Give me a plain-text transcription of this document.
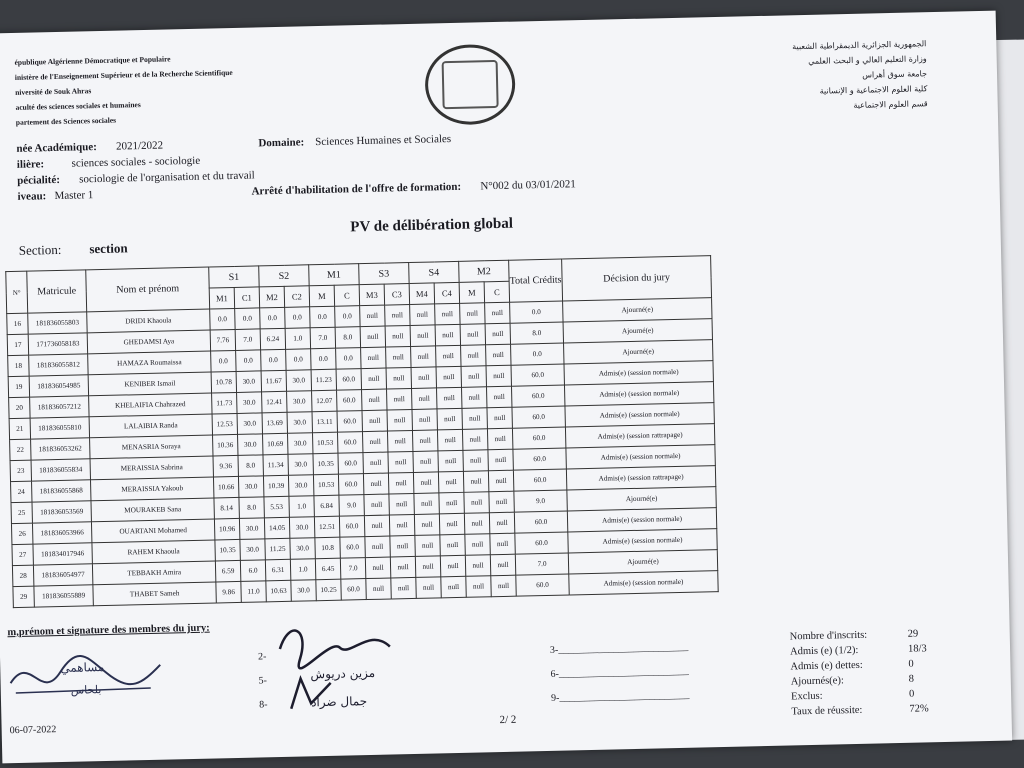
épublique Algérienne Démocratique et Populaire
inistère de l'Enseignement Supérieur et de la Recherche Scientifique
niversité de Souk Ahras
aculté des sciences sociales et humaines
partement des Sciences sociales
الجمهورية الجزائرية الديمقراطية الشعبية
وزارة التعليم العالي و البحث العلمي
جامعة سوق أهراس
كلية العلوم الاجتماعية و الإنسانية
قسم العلوم الاجتماعية
née Académique: 2021/2022	Domaine: Sciences Humaines et Sociales
ilière: sciences sociales - sociologie
pécialité: sociologie de l'organisation et du travail
iveau: Master 1	Arrêté d'habilitation de l'offre de formation: N°002 du 03/01/2021
PV de délibération global
Section: section
N°	Matricule	Nom et prénom	S1		S2		M1		S3		S4		M2		Total Crédits	Décision du jury
			M1	C1	M2	C2	M	C	M3	C3	M4	C4	M	C		
16	181836055803	DRIDI Khaoula	0.0	0.0	0.0	0.0	0.0	0.0	null	null	null	null	null	null	0.0	Ajourné(e)
17	171736058183	GHEDAMSI Aya	7.76	7.0	6.24	1.0	7.0	8.0	null	null	null	null	null	null	8.0	Ajourné(e)
18	181836055812	HAMAZA Roumaissa	0.0	0.0	0.0	0.0	0.0	0.0	null	null	null	null	null	null	0.0	Ajourné(e)
19	181836054985	KENIBER Ismail	10.78	30.0	11.67	30.0	11.23	60.0	null	null	null	null	null	null	60.0	Admis(e) (session normale)
20	181836057212	KHELAIFIA Chahrazed	11.73	30.0	12.41	30.0	12.07	60.0	null	null	null	null	null	null	60.0	Admis(e) (session normale)
21	181836055810	LALAIBIA Randa	12.53	30.0	13.69	30.0	13.11	60.0	null	null	null	null	null	null	60.0	Admis(e) (session normale)
22	181836053262	MENASRIA Soraya	10.36	30.0	10.69	30.0	10.53	60.0	null	null	null	null	null	null	60.0	Admis(e) (session rattrapage)
23	181836055834	MERAISSIA Sabrina	9.36	8.0	11.34	30.0	10.35	60.0	null	null	null	null	null	null	60.0	Admis(e) (session normale)
24	181836055868	MERAISSIA Yakoub	10.66	30.0	10.39	30.0	10.53	60.0	null	null	null	null	null	null	60.0	Admis(e) (session rattrapage)
25	181836053569	MOURAKEB Sana	8.14	8.0	5.53	1.0	6.84	9.0	null	null	null	null	null	null	9.0	Ajourné(e)
26	181836053966	OUARTANI Mohamed	10.96	30.0	14.05	30.0	12.51	60.0	null	null	null	null	null	null	60.0	Admis(e) (session normale)
27	181834017946	RAHEM Khaoula	10.35	30.0	11.25	30.0	10.8	60.0	null	null	null	null	null	null	60.0	Admis(e) (session normale)
28	181836054977	TEBBAKH Amira	6.59	6.0	6.31	1.0	6.45	7.0	null	null	null	null	null	null	7.0	Ajourné(e)
29	181836055889	THABET Sameh	9.86	11.0	10.63	30.0	10.25	60.0	null	null	null	null	null	null	60.0	Admis(e) (session normale)
m,prénom et signature des membres du jury:
2-
5-
8-
3-__________________________
6-__________________________
9-__________________________
مساهمي
بلحاس
مزين دريوش
جمال ضراد
06-07-2022
2/ 2
Nombre d'inscrits:	29
Admis (e) (1/2):	18/3
Admis (e) dettes:	0
Ajournés(e):	8
Exclus:	0
Taux de réussite:	72%
